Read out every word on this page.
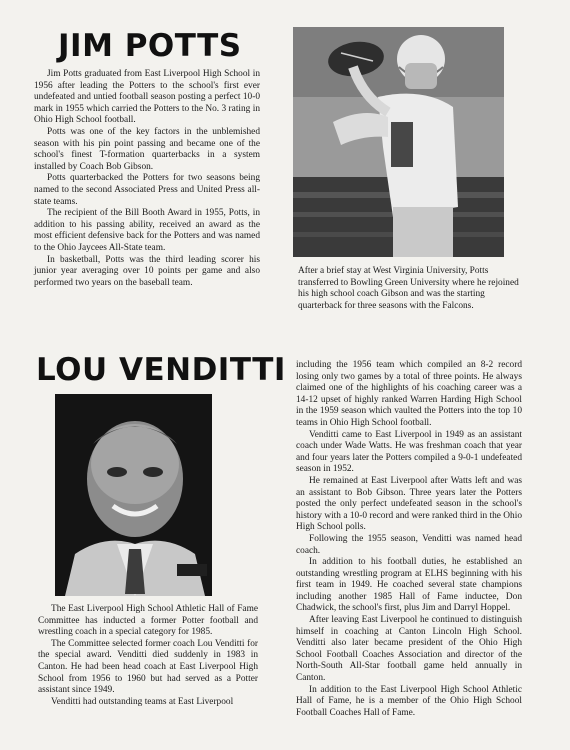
JIM POTTS

Jim Potts graduated from East Liverpool High School in 1956 after leading the Potters to the school's first ever undefeated and untied football season posting a perfect 10-0 mark in 1955 which carried the Potters to the No. 3 rating in Ohio High School football.

Potts was one of the key factors in the unblemished season with his pin point passing and became one of the school's finest T-formation quarterbacks in a system installed by Coach Bob Gibson.

Potts quarterbacked the Potters for two seasons being named to the second Associated Press and United Press all-state teams.

The recipient of the Bill Booth Award in 1955, Potts, in addition to his passing ability, received an award as the most efficient defensive back for the Potters and was named to the Ohio Jaycees All-State team.

In basketball, Potts was the third leading scorer his junior year averaging over 10 points per game and also performed two years on the baseball team.

After a brief stay at West Virginia University, Potts transferred to Bowling Green University where he rejoined his high school coach Gibson and was the starting quarterback for three seasons with the Falcons.

LOU VENDITTI

The East Liverpool High School Athletic Hall of Fame Committee has inducted a former Potter football and wrestling coach in a special category for 1985.

The Committee selected former coach Lou Venditti for the special award. Venditti died suddenly in 1983 in Canton. He had been head coach at East Liverpool High School from 1956 to 1960 but had served as a Potter assistant since 1949.

Venditti had outstanding teams at East Liverpool

including the 1956 team which compiled an 8-2 record losing only two games by a total of three points. He always claimed one of the highlights of his coaching career was a 14-12 upset of highly ranked Warren Harding High School in the 1959 season which vaulted the Potters into the top 10 teams in Ohio High School football.

Venditti came to East Liverpool in 1949 as an assistant coach under Wade Watts. He was freshman coach that year and four years later the Potters compiled a 9-0-1 undefeated season in 1952.

He remained at East Liverpool after Watts left and was an assistant to Bob Gibson. Three years later the Potters posted the only perfect undefeated season in the school's history with a 10-0 record and were ranked third in the Ohio High School polls.

Following the 1955 season, Venditti was named head coach.

In addition to his football duties, he established an outstanding wrestling program at ELHS beginning with his first team in 1949. He coached several state champions including another 1985 Hall of Fame inductee, Don Chadwick, the school's first, plus Jim and Darryl Hoppel.

After leaving East Liverpool he continued to distinguish himself in coaching at Canton Lincoln High School. Venditti also later became president of the Ohio High School Football Coaches Association and director of the North-South All-Star football game held annually in Canton.

In addition to the East Liverpool High School Athletic Hall of Fame, he is a member of the Ohio High School Football Coaches Hall of Fame.
